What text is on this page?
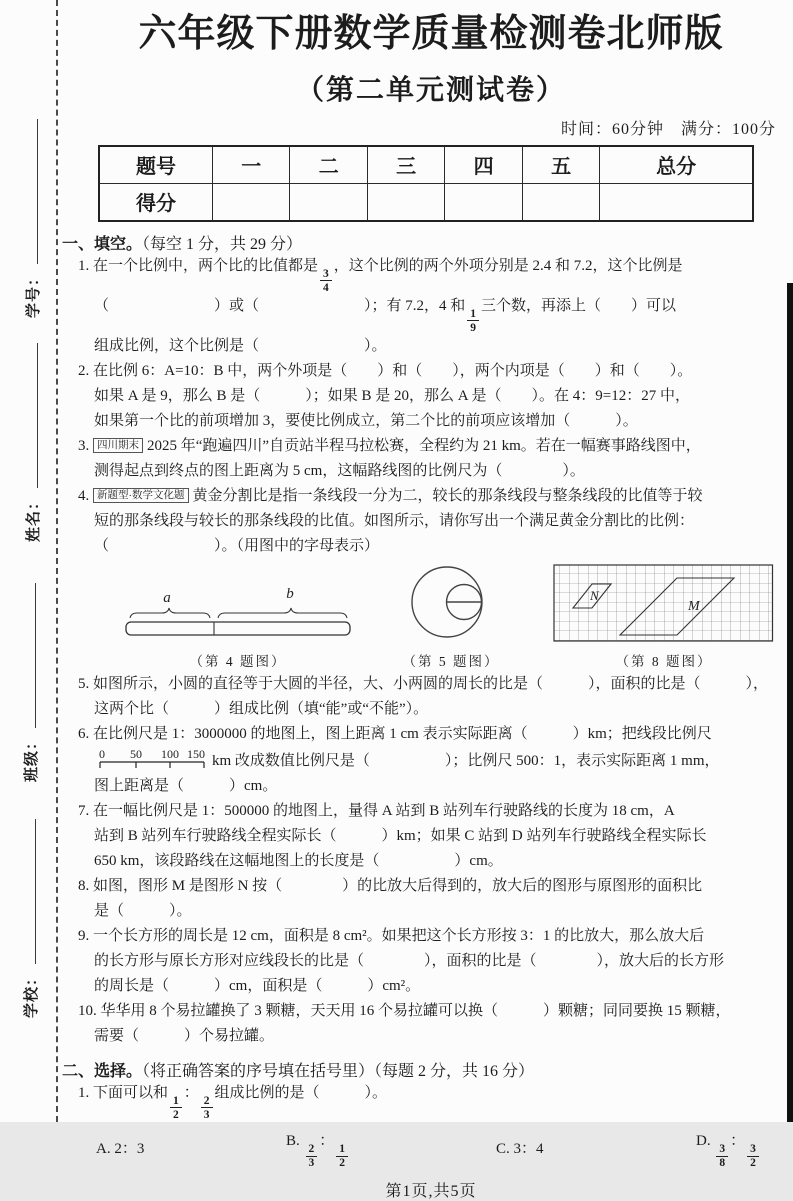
学号：
姓名：
班级：
学校：
六年级下册数学质量检测卷北师版
（第二单元测试卷）
时间：60分钟　满分：100分
题号	一	二	三	四	五	总分
得分						
一、填空。（每空 1 分，共 29 分）
1. 在一个比例中，两个比的比值都是
$\frac{3}{4}$
，这个比例的两个外项分别是 2.4 和 7.2，这个比例是
（　　　　　　　）或（　　　　　　　）；有 7.2，4 和
$\frac{1}{9}$
三个数，再添上（　　）可以
组成比例，这个比例是（　　　　　　　）。
2. 在比例 6：A=10：B 中，两个外项是（　　）和（　　），两个内项是（　　）和（　　）。
如果 A 是 9，那么 B 是（　　　）；如果 B 是 20，那么 A 是（　　）。在 4：9=12：27 中，
如果第一个比的前项增加 3，要使比例成立，第二个比的前项应该增加（　　　）。
3. 四川期末 2025 年“跑遍四川”自贡站半程马拉松赛，全程约为 21 km。若在一幅赛事路线图中，
测得起点到终点的图上距离为 5 cm，这幅路线图的比例尺为（　　　　）。
4. 新题型·数学文化题 黄金分割比是指一条线段一分为二，较长的那条线段与整条线段的比值等于较
短的那条线段与较长的那条线段的比值。如图所示，请你写出一个满足黄金分割比的比例：
（　　　　　　　）。（用图中的字母表示）
a	b
（第 4 题图）	（第 5 题图）
N
M
（第 8 题图）
5. 如图所示，小圆的直径等于大圆的半径，大、小两圆的周长的比是（　　　），面积的比是（　　　），
这两个比（　　　）组成比例（填“能”或“不能”）。
6. 在比例尺是 1：3000000 的地图上，图上距离 1 cm 表示实际距离（　　　）km；把线段比例尺
0 50 100 150 km 改成数值比例尺是（　　　　　）；比例尺 500：1，表示实际距离 1 mm，
图上距离是（　　　）cm。
7. 在一幅比例尺是 1：500000 的地图上，量得 A 站到 B 站列车行驶路线的长度为 18 cm，A
站到 B 站列车行驶路线全程实际长（　　　）km；如果 C 站到 D 站列车行驶路线全程实际长
650 km，该段路线在这幅地图上的长度是（　　　　　）cm。
8. 如图，图形 M 是图形 N 按（　　　　）的比放大后得到的，放大后的图形与原图形的面积比
是（　　　）。
9. 一个长方形的周长是 12 cm，面积是 8 cm²。如果把这个长方形按 3：1 的比放大，那么放大后
的长方形与原长方形对应线段长的比是（　　　　），面积的比是（　　　　），放大后的长方形
的周长是（　　　）cm，面积是（　　　）cm²。
10. 华华用 8 个易拉罐换了 3 颗糖，天天用 16 个易拉罐可以换（　　　）颗糖；同同要换 15 颗糖，
需要（　　　）个易拉罐。
二、选择。（将正确答案的序号填在括号里）（每题 2 分，共 16 分）
1. 下面可以和
$\frac{1}{2}$
：
$\frac{2}{3}$
组成比例的是（　　　）。
A. 2：3	B.
$\frac{2}{3}$
：
$\frac{1}{2}$	C. 3：4	D.
$\frac{3}{8}$
：
$\frac{3}{2}$
第1页,共5页
